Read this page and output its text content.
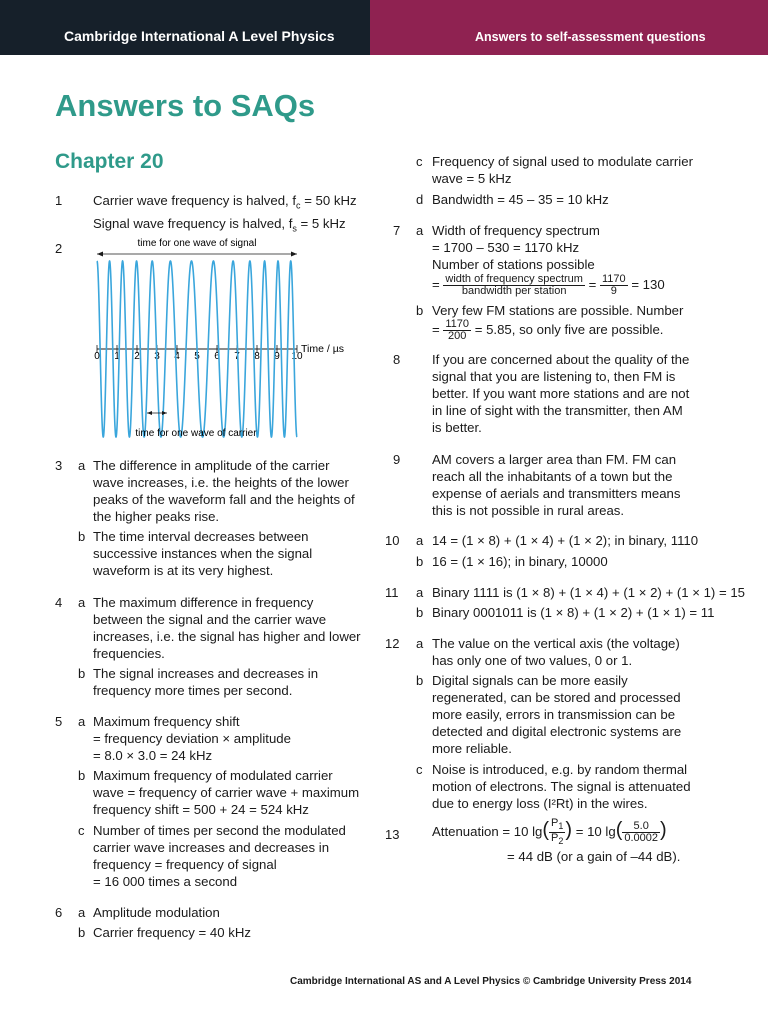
Cambridge International A Level Physics	Answers to self-assessment questions
Answers to SAQs
Chapter 20
1 Carrier wave frequency is halved, $f_c = 50$ kHz
Signal wave frequency is halved, $f_s = 5$ kHz
2	time for one wave of signal
0 1 2 3 4 5 6 7 8 9 10
Time / µs
time for one wave of carrier
3 a The difference in amplitude of the carrier
wave increases, i.e. the heights of the lower
peaks of the waveform fall and the heights of
the higher peaks rise.
b The time interval decreases between
successive instances when the signal
waveform is at its very highest.
4 a The maximum difference in frequency
between the signal and the carrier wave
increases, i.e. the signal has higher and lower
frequencies.
b The signal increases and decreases in
frequency more times per second.
5 a Maximum frequency shift
= frequency deviation × amplitude
= 8.0 × 3.0 = 24 kHz
b Maximum frequency of modulated carrier
wave = frequency of carrier wave + maximum
frequency shift = 500 + 24 = 524 kHz
c Number of times per second the modulated
carrier wave increases and decreases in
frequency = frequency of signal
= 16 000 times a second
6 a Amplitude modulation
b Carrier frequency = 40 kHz
c Frequency of signal used to modulate carrier
wave = 5 kHz
d Bandwidth = 45 – 35 = 10 kHz
7 a Width of frequency spectrum
= 1700 – 530 = 1170 kHz
Number of stations possible
= $\frac{\text{width of frequency spectrum}}{\text{bandwidth per station}} = \frac{1170}{9} = 130$
b Very few FM stations are possible. Number
= $\frac{1170}{200} = 5.85$, so only five are possible.
8 If you are concerned about the quality of the
signal that you are listening to, then FM is
better. If you want more stations and are not
in line of sight with the transmitter, then AM
is better.
9 AM covers a larger area than FM. FM can
reach all the inhabitants of a town but the
expense of aerials and transmitters means
this is not possible in rural areas.
10 a 14 = (1 × 8) + (1 × 4) + (1 × 2); in binary, 1110
b 16 = (1 × 16); in binary, 10000
11 a Binary 1111 is (1 × 8) + (1 × 4) + (1 × 2) + (1 × 1) = 15
b Binary 0001011 is (1 × 8) + (1 × 2) + (1 × 1) = 11
12 a The value on the vertical axis (the voltage)
has only one of two values, 0 or 1.
b Digital signals can be more easily
regenerated, can be stored and processed
more easily, errors in transmission can be
detected and digital electronic systems are
more reliable.
c Noise is introduced, e.g. by random thermal
motion of electrons. The signal is attenuated
due to energy loss (I²Rt) in the wires.
13 Attenuation = 10 $\lg( \frac{P_1}{P_2}$ ) = 10 $\lg( \frac{5.0}{0.0002}$ )
= 44 dB (or a gain of –44 dB).
Cambridge International AS and A Level Physics © Cambridge University Press 2014
